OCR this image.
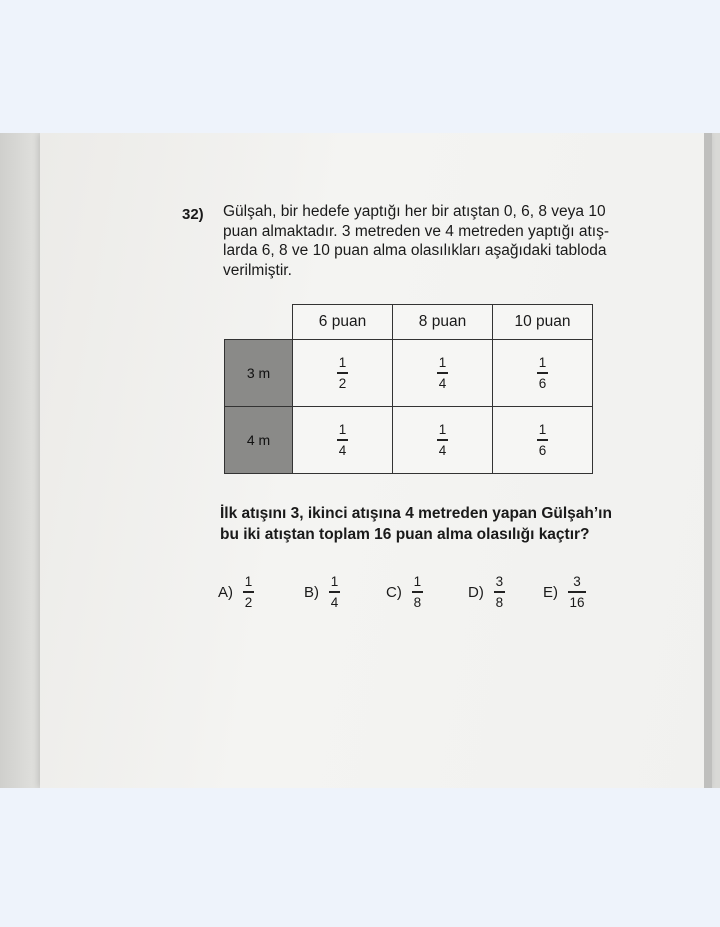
32) Gülşah, bir hedefe yaptığı her bir atıştan 0, 6, 8 veya 10
puan almaktadır. 3 metreden ve 4 metreden yaptığı atış-
larda 6, 8 ve 10 puan alma olasılıkları aşağıdaki tabloda
verilmiştir.
	6 puan	8 puan	10 puan
3 m	$\frac{1}{2}$	$\frac{1}{4}$	$\frac{1}{6}$

4 m	$\frac{1}{4}$	$\frac{1}{4}$	$\frac{1}{6}$
İlk atışını 3, ikinci atışına 4 metreden yapan Gülşah’ın
bu iki atıştan toplam 16 puan alma olasılığı kaçtır?
$A) \frac{1}{2}$	$B) \frac{1}{4}$	$C) \frac{1}{8}$	$D) \frac{3}{8}$	$E) \frac{3}{16}$
